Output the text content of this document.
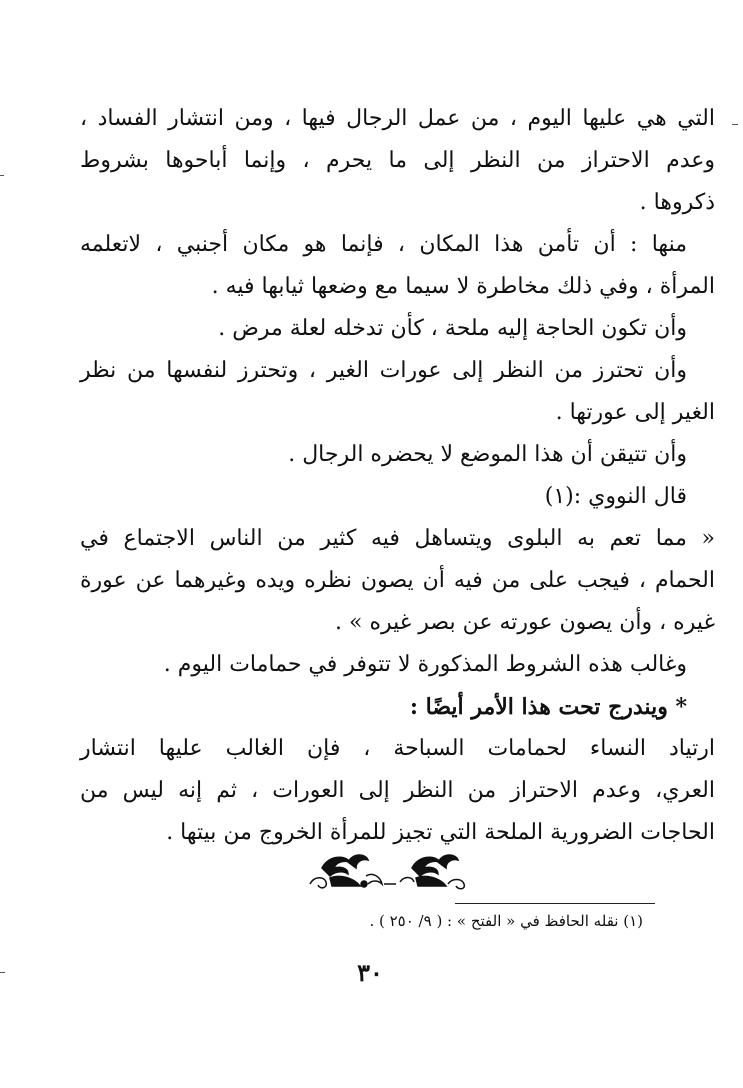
التي هي عليها اليوم ، من عمل الرجال فيها ، ومن انتشار الفساد ،
وعدم الاحتراز من النظر إلى ما يحرم ، وإنما أباحوها بشروط
ذكروها .
منها : أن تأمن هذا المكان ، فإنما هو مكان أجنبي ، لاتعلمه
المرأة ، وفي ذلك مخاطرة لا سيما مع وضعها ثيابها فيه .
وأن تكون الحاجة إليه ملحة ، كأن تدخله لعلة مرض .
وأن تحترز من النظر إلى عورات الغير ، وتحترز لنفسها من نظر
الغير إلى عورتها .
وأن تتيقن أن هذا الموضع لا يحضره الرجال .
قال النووي :(١)
« مما تعم به البلوى ويتساهل فيه كثير من الناس الاجتماع في
الحمام ، فيجب على من فيه أن يصون نظره ويده وغيرهما عن عورة
غيره ، وأن يصون عورته عن بصر غيره » .
وغالب هذه الشروط المذكورة لا تتوفر في حمامات اليوم .
* ويندرج تحت هذا الأمر أيضًا :
ارتياد النساء لحمامات السباحة ، فإن الغالب عليها انتشار
العري، وعدم الاحتراز من النظر إلى العورات ، ثم إنه ليس من
الحاجات الضرورية الملحة التي تجيز للمرأة الخروج من بيتها .
(١) نقله الحافظ في « الفتح » : ( ٩/ ٢٥٠ ) .
٣٠
